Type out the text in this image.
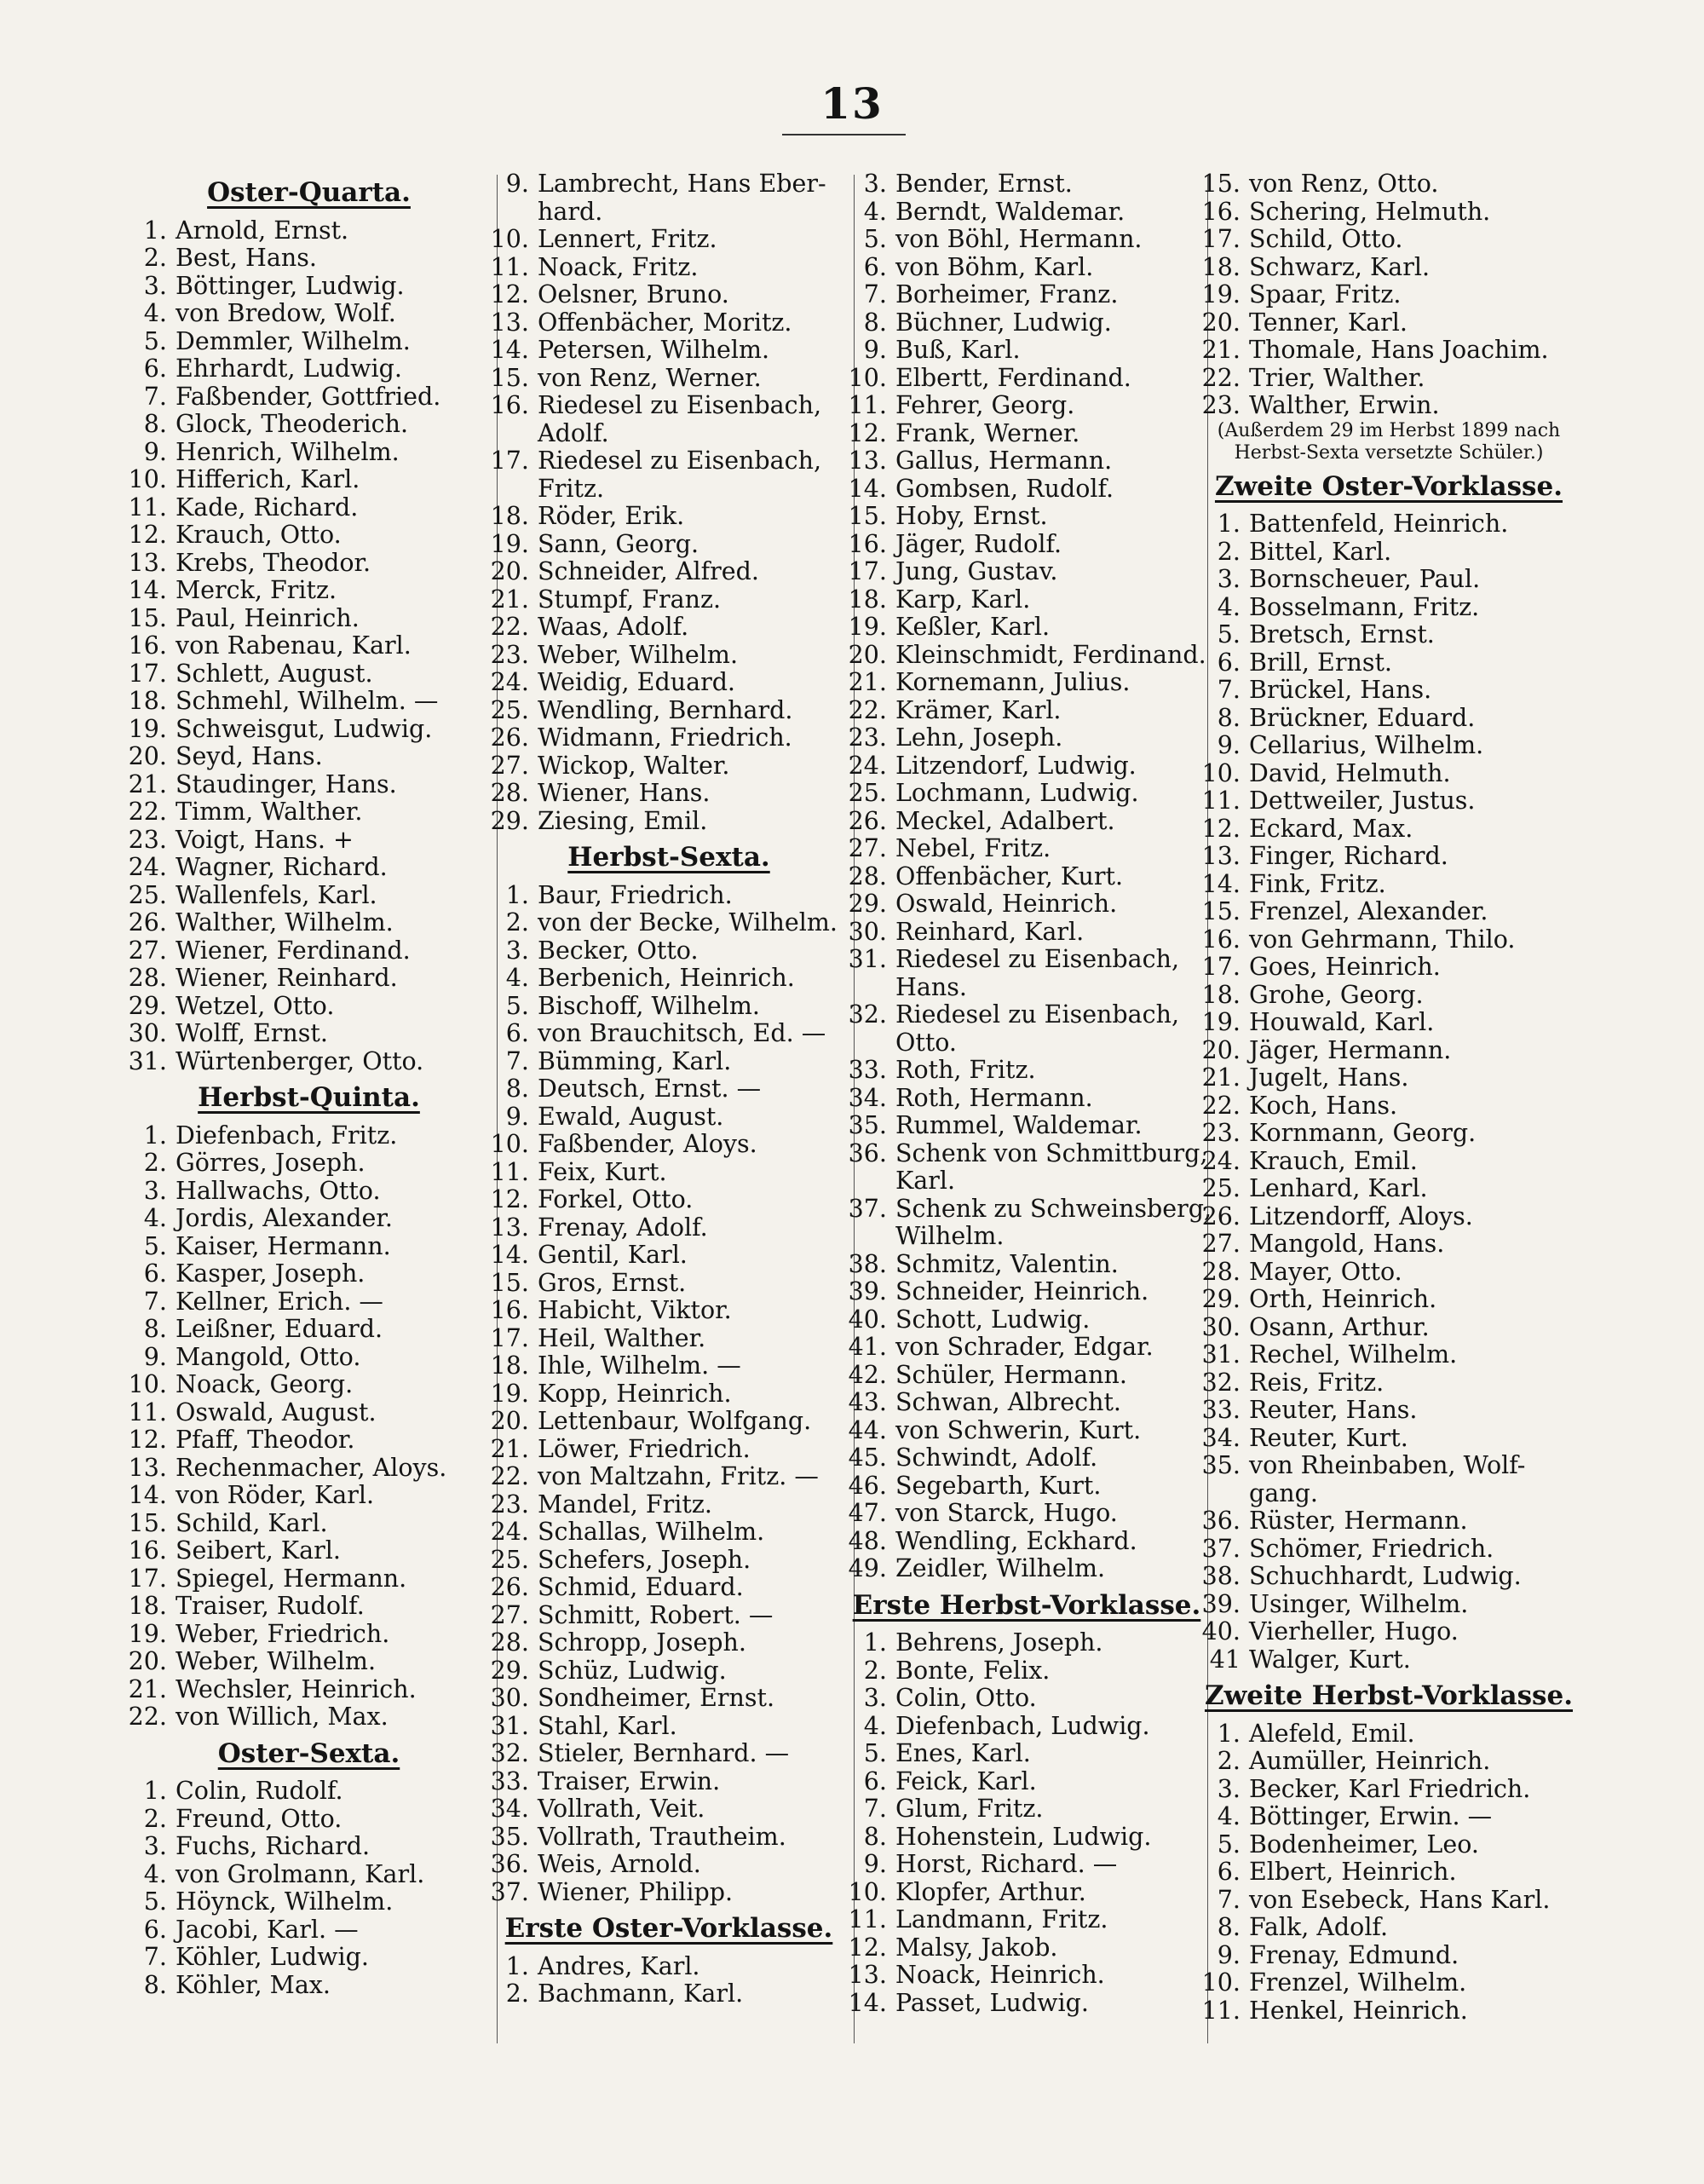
13
Oster-Quarta.
1. Arnold, Ernst.
2. Best, Hans.
3. Böttinger, Ludwig.
4. von Bredow, Wolf.
5. Demmler, Wilhelm.
6. Ehrhardt, Ludwig.
7. Faßbender, Gottfried.
8. Glock, Theoderich.
9. Henrich, Wilhelm.
10. Hifferich, Karl.
11. Kade, Richard.
12. Krauch, Otto.
13. Krebs, Theodor.
14. Merck, Fritz.
15. Paul, Heinrich.
16. von Rabenau, Karl.
17. Schlett, August.
18. Schmehl, Wilhelm. —
19. Schweisgut, Ludwig.
20. Seyd, Hans.
21. Staudinger, Hans.
22. Timm, Walther.
23. Voigt, Hans. +
24. Wagner, Richard.
25. Wallenfels, Karl.
26. Walther, Wilhelm.
27. Wiener, Ferdinand.
28. Wiener, Reinhard.
29. Wetzel, Otto.
30. Wolff, Ernst.
31. Würtenberger, Otto.
Herbst-Quinta.
1. Diefenbach, Fritz.
2. Görres, Joseph.
3. Hallwachs, Otto.
4. Jordis, Alexander.
5. Kaiser, Hermann.
6. Kasper, Joseph.
7. Kellner, Erich. —
8. Leißner, Eduard.
9. Mangold, Otto.
10. Noack, Georg.
11. Oswald, August.
12. Pfaff, Theodor.
13. Rechenmacher, Aloys.
14. von Röder, Karl.
15. Schild, Karl.
16. Seibert, Karl.
17. Spiegel, Hermann.
18. Traiser, Rudolf.
19. Weber, Friedrich.
20. Weber, Wilhelm.
21. Wechsler, Heinrich.
22. von Willich, Max.
Oster-Sexta.
1. Colin, Rudolf.
2. Freund, Otto.
3. Fuchs, Richard.
4. von Grolmann, Karl.
5. Höynck, Wilhelm.
6. Jacobi, Karl. —
7. Köhler, Ludwig.
8. Köhler, Max.
9. Lambrecht, Hans Eber-
hard.
10. Lennert, Fritz.
11. Noack, Fritz.
12. Oelsner, Bruno.
13. Offenbächer, Moritz.
14. Petersen, Wilhelm.
15. von Renz, Werner.
16. Riedesel zu Eisenbach,
Adolf.
17. Riedesel zu Eisenbach,
Fritz.
18. Röder, Erik.
19. Sann, Georg.
20. Schneider, Alfred.
21. Stumpf, Franz.
22. Waas, Adolf.
23. Weber, Wilhelm.
24. Weidig, Eduard.
25. Wendling, Bernhard.
26. Widmann, Friedrich.
27. Wickop, Walter.
28. Wiener, Hans.
29. Ziesing, Emil.
Herbst-Sexta.
1. Baur, Friedrich.
2. von der Becke, Wilhelm.
3. Becker, Otto.
4. Berbenich, Heinrich.
5. Bischoff, Wilhelm.
6. von Brauchitsch, Ed. —
7. Bümming, Karl.
8. Deutsch, Ernst. —
9. Ewald, August.
10. Faßbender, Aloys.
11. Feix, Kurt.
12. Forkel, Otto.
13. Frenay, Adolf.
14. Gentil, Karl.
15. Gros, Ernst.
16. Habicht, Viktor.
17. Heil, Walther.
18. Ihle, Wilhelm. —
19. Kopp, Heinrich.
20. Lettenbaur, Wolfgang.
21. Löwer, Friedrich.
22. von Maltzahn, Fritz. —
23. Mandel, Fritz.
24. Schallas, Wilhelm.
25. Schefers, Joseph.
26. Schmid, Eduard.
27. Schmitt, Robert. —
28. Schropp, Joseph.
29. Schüz, Ludwig.
30. Sondheimer, Ernst.
31. Stahl, Karl.
32. Stieler, Bernhard. —
33. Traiser, Erwin.
34. Vollrath, Veit.
35. Vollrath, Trautheim.
36. Weis, Arnold.
37. Wiener, Philipp.
Erste Oster-Vorklasse.
1. Andres, Karl.
2. Bachmann, Karl.
3. Bender, Ernst.
4. Berndt, Waldemar.
5. von Böhl, Hermann.
6. von Böhm, Karl.
7. Borheimer, Franz.
8. Büchner, Ludwig.
9. Buß, Karl.
10. Elbertt, Ferdinand.
11. Fehrer, Georg.
12. Frank, Werner.
13. Gallus, Hermann.
14. Gombsen, Rudolf.
15. Hoby, Ernst.
16. Jäger, Rudolf.
17. Jung, Gustav.
18. Karp, Karl.
19. Keßler, Karl.
20. Kleinschmidt, Ferdinand.
21. Kornemann, Julius.
22. Krämer, Karl.
23. Lehn, Joseph.
24. Litzendorf, Ludwig.
25. Lochmann, Ludwig.
26. Meckel, Adalbert.
27. Nebel, Fritz.
28. Offenbächer, Kurt.
29. Oswald, Heinrich.
30. Reinhard, Karl.
31. Riedesel zu Eisenbach,
Hans.
32. Riedesel zu Eisenbach,
Otto.
33. Roth, Fritz.
34. Roth, Hermann.
35. Rummel, Waldemar.
36. Schenk von Schmittburg,
Karl.
37. Schenk zu Schweinsberg,
Wilhelm.
38. Schmitz, Valentin.
39. Schneider, Heinrich.
40. Schott, Ludwig.
41. von Schrader, Edgar.
42. Schüler, Hermann.
43. Schwan, Albrecht.
44. von Schwerin, Kurt.
45. Schwindt, Adolf.
46. Segebarth, Kurt.
47. von Starck, Hugo.
48. Wendling, Eckhard.
49. Zeidler, Wilhelm.
Erste Herbst-Vorklasse.
1. Behrens, Joseph.
2. Bonte, Felix.
3. Colin, Otto.
4. Diefenbach, Ludwig.
5. Enes, Karl.
6. Feick, Karl.
7. Glum, Fritz.
8. Hohenstein, Ludwig.
9. Horst, Richard. —
10. Klopfer, Arthur.
11. Landmann, Fritz.
12. Malsy, Jakob.
13. Noack, Heinrich.
14. Passet, Ludwig.
15. von Renz, Otto.
16. Schering, Helmuth.
17. Schild, Otto.
18. Schwarz, Karl.
19. Spaar, Fritz.
20. Tenner, Karl.
21. Thomale, Hans Joachim.
22. Trier, Walther.
23. Walther, Erwin.
(Außerdem 29 im Herbst 1899 nach Herbst-Sexta versetzte Schüler.)
Zweite Oster-Vorklasse.
1. Battenfeld, Heinrich.
2. Bittel, Karl.
3. Bornscheuer, Paul.
4. Bosselmann, Fritz.
5. Bretsch, Ernst.
6. Brill, Ernst.
7. Brückel, Hans.
8. Brückner, Eduard.
9. Cellarius, Wilhelm.
10. David, Helmuth.
11. Dettweiler, Justus.
12. Eckard, Max.
13. Finger, Richard.
14. Fink, Fritz.
15. Frenzel, Alexander.
16. von Gehrmann, Thilo.
17. Goes, Heinrich.
18. Grohe, Georg.
19. Houwald, Karl.
20. Jäger, Hermann.
21. Jugelt, Hans.
22. Koch, Hans.
23. Kornmann, Georg.
24. Krauch, Emil.
25. Lenhard, Karl.
26. Litzendorff, Aloys.
27. Mangold, Hans.
28. Mayer, Otto.
29. Orth, Heinrich.
30. Osann, Arthur.
31. Rechel, Wilhelm.
32. Reis, Fritz.
33. Reuter, Hans.
34. Reuter, Kurt.
35. von Rheinbaben, Wolf-
gang.
36. Rüster, Hermann.
37. Schömer, Friedrich.
38. Schuchhardt, Ludwig.
39. Usinger, Wilhelm.
40. Vierheller, Hugo.
41 Walger, Kurt.
Zweite Herbst-Vorklasse.
1. Alefeld, Emil.
2. Aumüller, Heinrich.
3. Becker, Karl Friedrich.
4. Böttinger, Erwin. —
5. Bodenheimer, Leo.
6. Elbert, Heinrich.
7. von Esebeck, Hans Karl.
8. Falk, Adolf.
9. Frenay, Edmund.
10. Frenzel, Wilhelm.
11. Henkel, Heinrich.
